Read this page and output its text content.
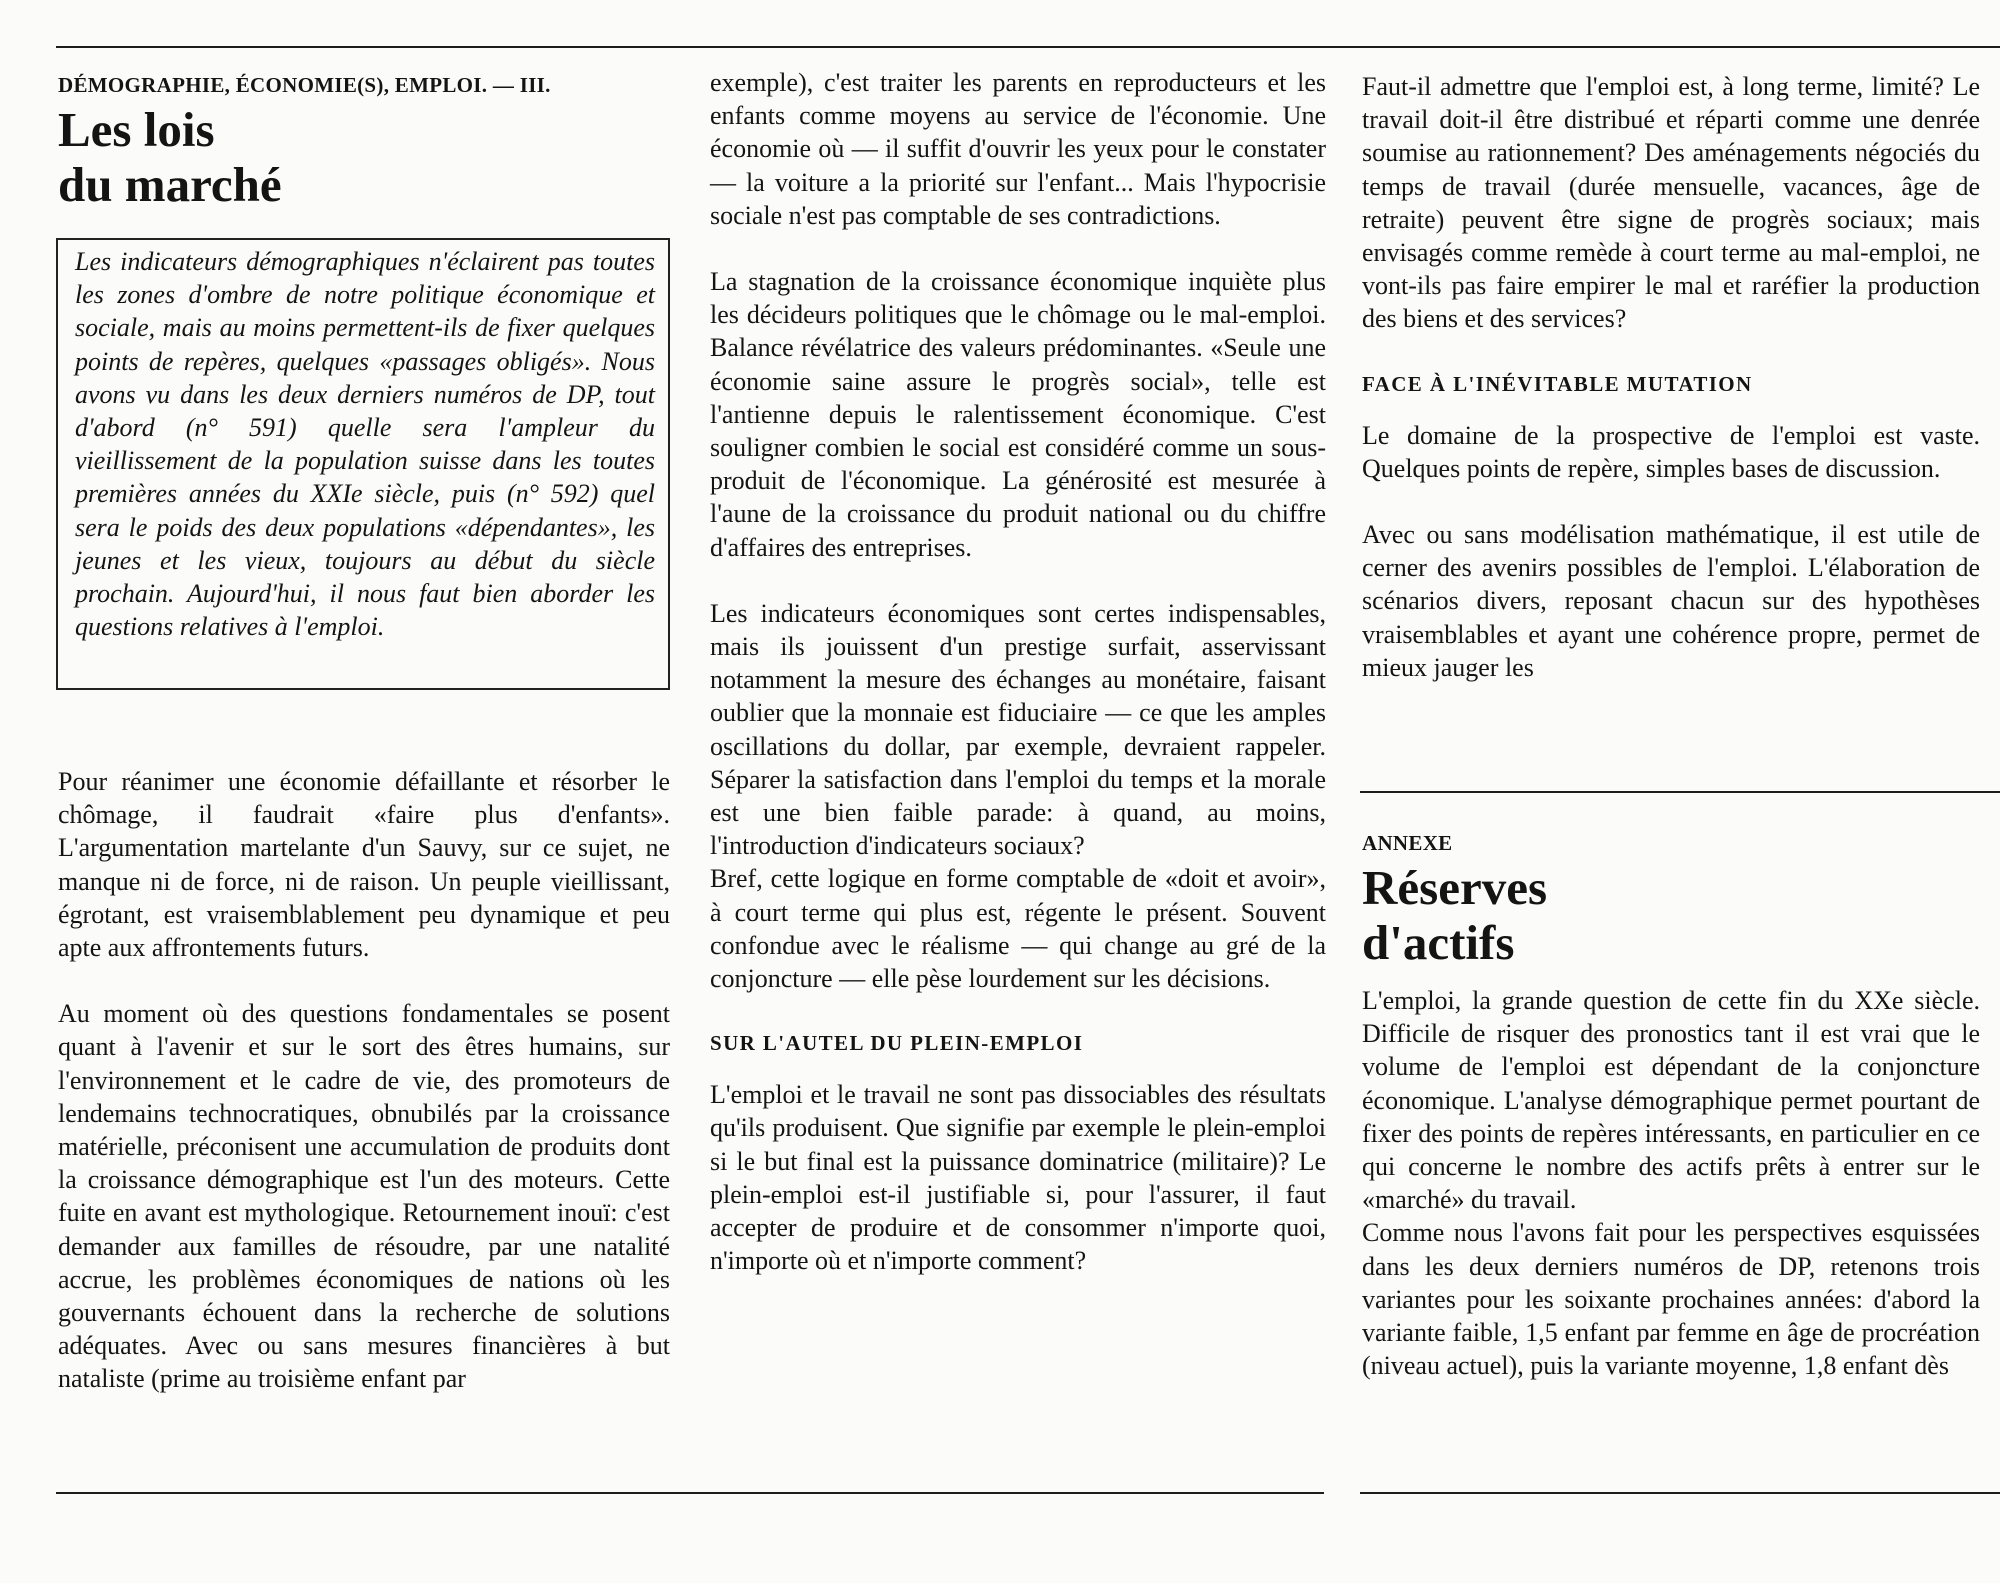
DÉMOGRAPHIE, ÉCONOMIE(S), EMPLOI. — III.
Les lois
du marché

Les indicateurs démographiques n'éclairent pas toutes les zones d'ombre de notre politique économique et sociale, mais au moins permettent-ils de fixer quelques points de repères, quelques «passages obligés». Nous avons vu dans les deux derniers numéros de DP, tout d'abord (n° 591) quelle sera l'ampleur du vieillissement de la population suisse dans les toutes premières années du XXIe siècle, puis (n° 592) quel sera le poids des deux populations «dépendantes», les jeunes et les vieux, toujours au début du siècle prochain. Aujourd'hui, il nous faut bien aborder les questions relatives à l'emploi.

Pour réanimer une économie défaillante et résorber le chômage, il faudrait «faire plus d'enfants». L'argumentation martelante d'un Sauvy, sur ce sujet, ne manque ni de force, ni de raison. Un peuple vieillissant, égrotant, est vraisemblablement peu dynamique et peu apte aux affrontements futurs.

Au moment où des questions fondamentales se posent quant à l'avenir et sur le sort des êtres humains, sur l'environnement et le cadre de vie, des promoteurs de lendemains technocratiques, obnubilés par la croissance matérielle, préconisent une accumulation de produits dont la croissance démographique est l'un des moteurs. Cette fuite en avant est mythologique. Retournement inouï: c'est demander aux familles de résoudre, par une natalité accrue, les problèmes économiques de nations où les gouvernants échouent dans la recherche de solutions adéquates. Avec ou sans mesures financières à but nataliste (prime au troisième enfant par

exemple), c'est traiter les parents en reproducteurs et les enfants comme moyens au service de l'économie. Une économie où — il suffit d'ouvrir les yeux pour le constater — la voiture a la priorité sur l'enfant... Mais l'hypocrisie sociale n'est pas comptable de ses contradictions.

La stagnation de la croissance économique inquiète plus les décideurs politiques que le chômage ou le mal-emploi. Balance révélatrice des valeurs prédominantes. «Seule une économie saine assure le progrès social», telle est l'antienne depuis le ralentissement économique. C'est souligner combien le social est considéré comme un sous-produit de l'économique. La générosité est mesurée à l'aune de la croissance du produit national ou du chiffre d'affaires des entreprises.

Les indicateurs économiques sont certes indispensables, mais ils jouissent d'un prestige surfait, asservissant notamment la mesure des échanges au monétaire, faisant oublier que la monnaie est fiduciaire — ce que les amples oscillations du dollar, par exemple, devraient rappeler. Séparer la satisfaction dans l'emploi du temps et la morale est une bien faible parade: à quand, au moins, l'introduction d'indicateurs sociaux?

Bref, cette logique en forme comptable de «doit et avoir», à court terme qui plus est, régente le présent. Souvent confondue avec le réalisme — qui change au gré de la conjoncture — elle pèse lourdement sur les décisions.

SUR L'AUTEL DU PLEIN-EMPLOI

L'emploi et le travail ne sont pas dissociables des résultats qu'ils produisent. Que signifie par exemple le plein-emploi si le but final est la puissance dominatrice (militaire)? Le plein-emploi est-il justifiable si, pour l'assurer, il faut accepter de produire et de consommer n'importe quoi, n'importe où et n'importe comment?

Faut-il admettre que l'emploi est, à long terme, limité? Le travail doit-il être distribué et réparti comme une denrée soumise au rationnement? Des aménagements négociés du temps de travail (durée mensuelle, vacances, âge de retraite) peuvent être signe de progrès sociaux; mais envisagés comme remède à court terme au mal-emploi, ne vont-ils pas faire empirer le mal et raréfier la production des biens et des services?

FACE À L'INÉVITABLE MUTATION

Le domaine de la prospective de l'emploi est vaste. Quelques points de repère, simples bases de discussion.

Avec ou sans modélisation mathématique, il est utile de cerner des avenirs possibles de l'emploi. L'élaboration de scénarios divers, reposant chacun sur des hypothèses vraisemblables et ayant une cohérence propre, permet de mieux jauger les

ANNEXE
Réserves
d'actifs

L'emploi, la grande question de cette fin du XXe siècle. Difficile de risquer des pronostics tant il est vrai que le volume de l'emploi est dépendant de la conjoncture économique. L'analyse démographique permet pourtant de fixer des points de repères intéressants, en particulier en ce qui concerne le nombre des actifs prêts à entrer sur le «marché» du travail.

Comme nous l'avons fait pour les perspectives esquissées dans les deux derniers numéros de DP, retenons trois variantes pour les soixante prochaines années: d'abord la variante faible, 1,5 enfant par femme en âge de procréation (niveau actuel), puis la variante moyenne, 1,8 enfant dès
